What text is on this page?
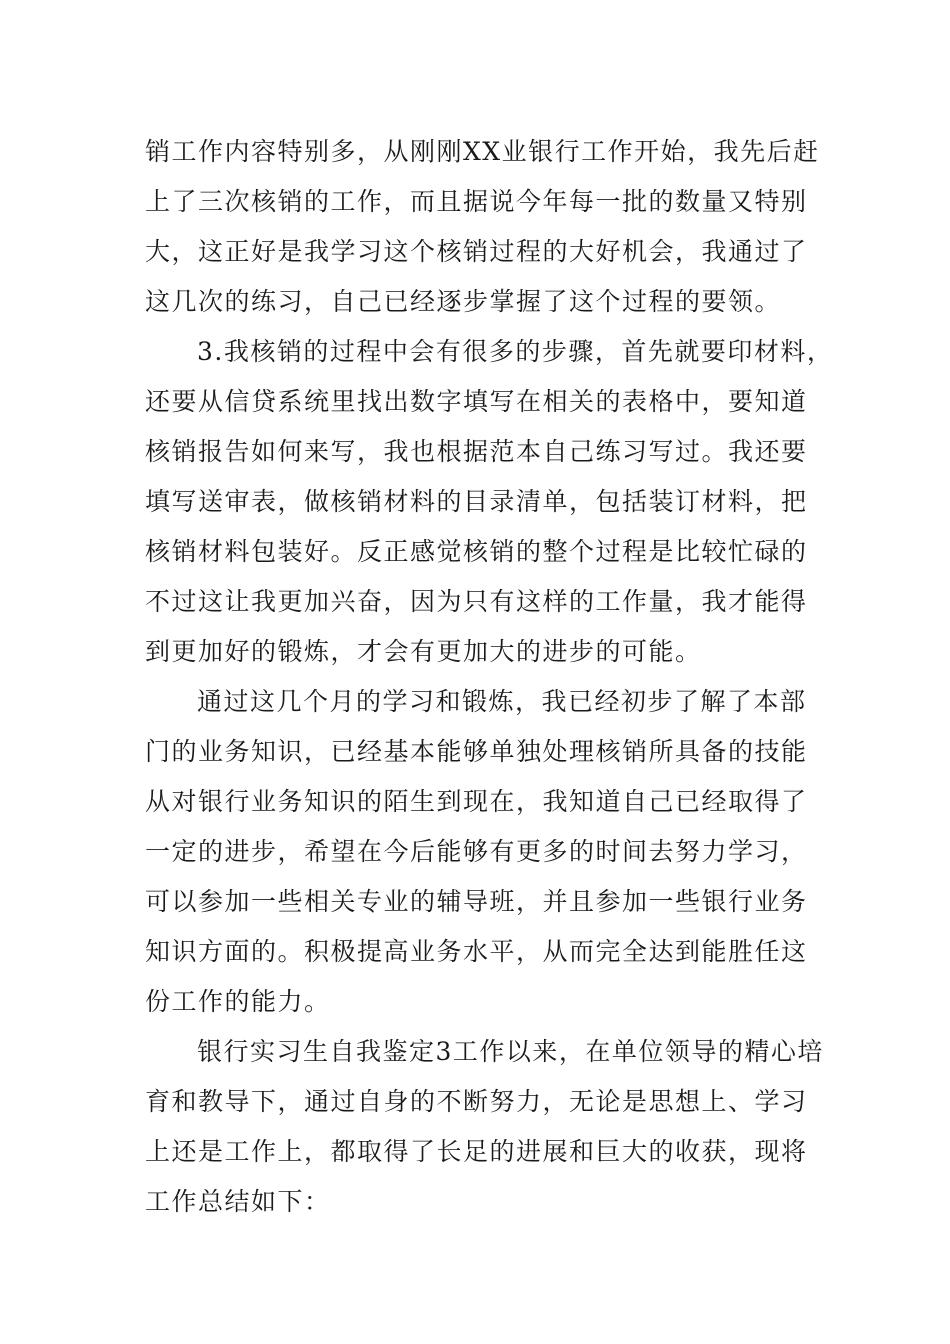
销工作内容特别多，从刚刚XX业银行工作开始，我先后赶
上了三次核销的工作，而且据说今年每一批的数量又特别
大，这正好是我学习这个核销过程的大好机会，我通过了
这几次的练习，自己已经逐步掌握了这个过程的要领。
3.我核销的过程中会有很多的步骤，首先就要印材料，
还要从信贷系统里找出数字填写在相关的表格中，要知道
核销报告如何来写，我也根据范本自己练习写过。我还要
填写送审表，做核销材料的目录清单，包括装订材料，把
核销材料包装好。反正感觉核销的整个过程是比较忙碌的
不过这让我更加兴奋，因为只有这样的工作量，我才能得
到更加好的锻炼，才会有更加大的进步的可能。
通过这几个月的学习和锻炼，我已经初步了解了本部
门的业务知识，已经基本能够单独处理核销所具备的技能
从对银行业务知识的陌生到现在，我知道自己已经取得了
一定的进步，希望在今后能够有更多的时间去努力学习，
可以参加一些相关专业的辅导班，并且参加一些银行业务
知识方面的。积极提高业务水平，从而完全达到能胜任这
份工作的能力。
银行实习生自我鉴定3工作以来，在单位领导的精心培
育和教导下，通过自身的不断努力，无论是思想上、学习
上还是工作上，都取得了长足的进展和巨大的收获，现将
工作总结如下：
